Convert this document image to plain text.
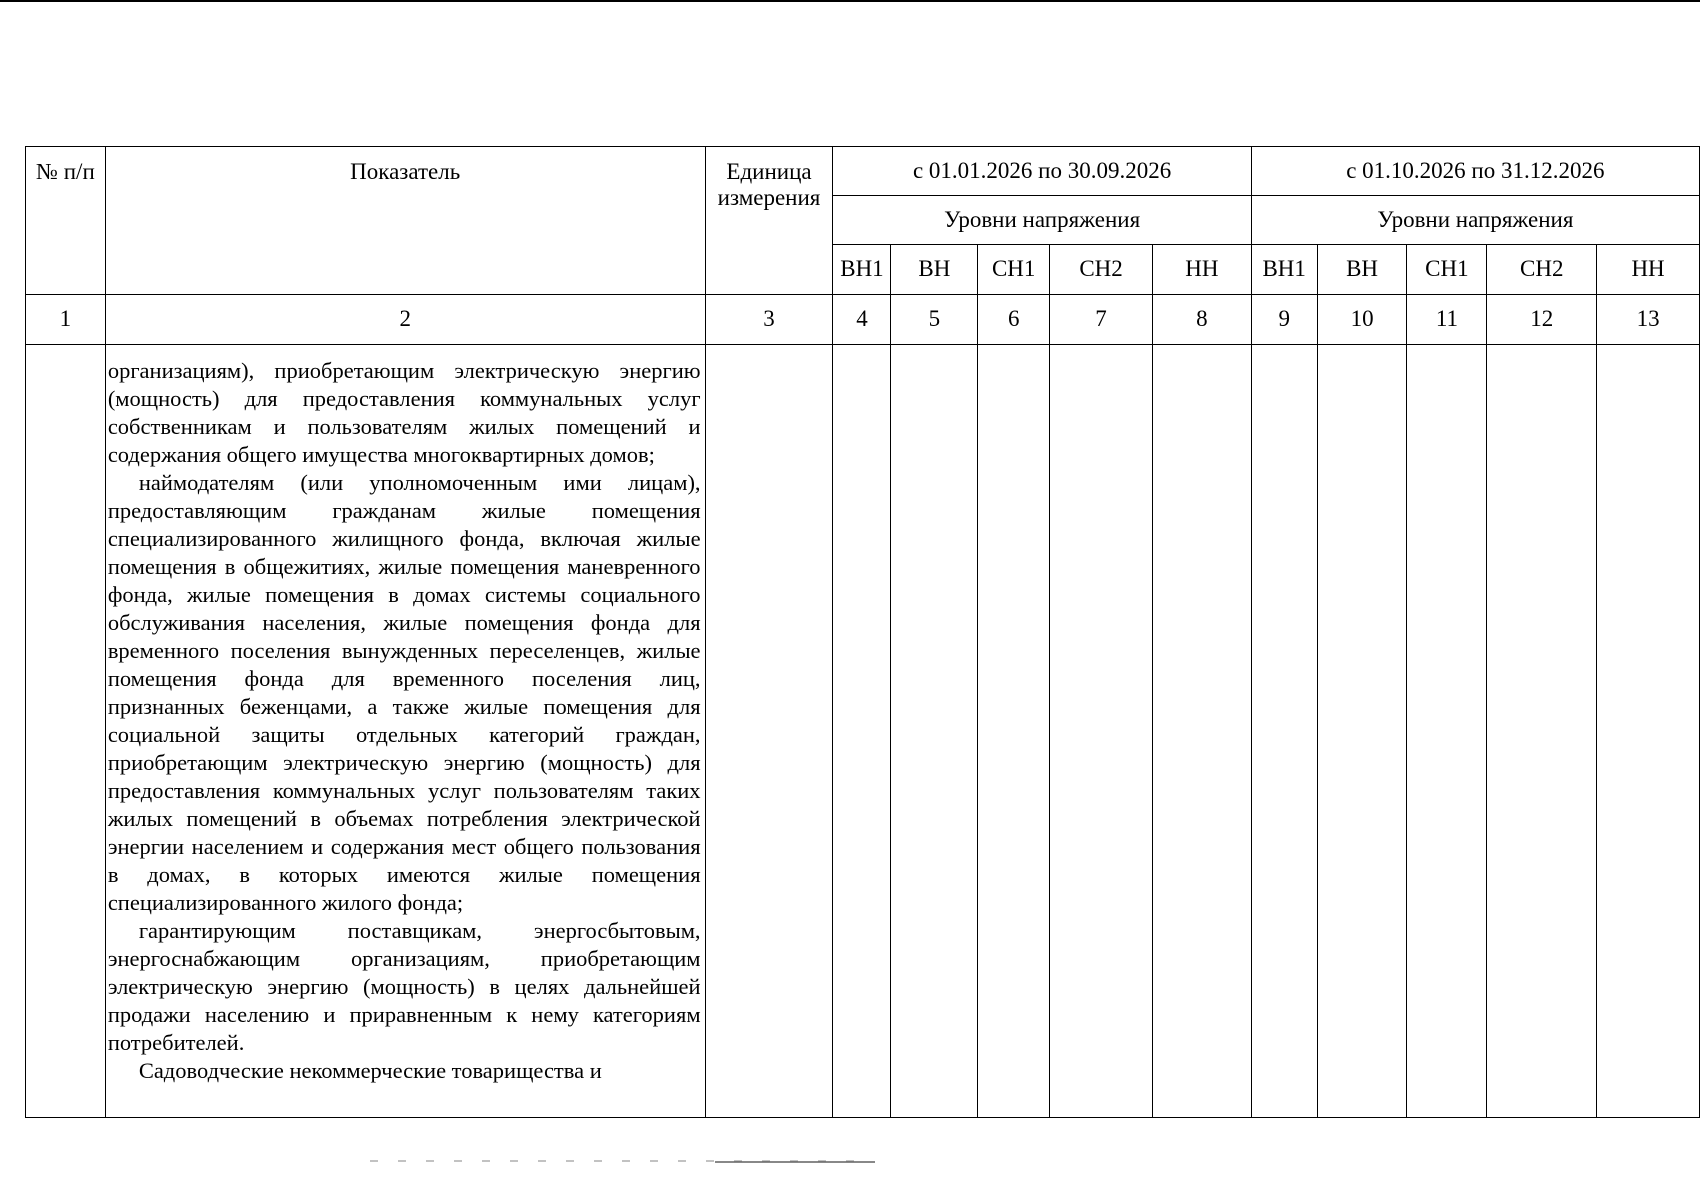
№ п/п	Показатель	Единица измерения	с 01.01.2026 по 30.09.2026					с 01.10.2026 по 31.12.2026				
			Уровни напряжения					Уровни напряжения				
			ВН1	ВН	СН1	СН2	НН	ВН1	ВН	СН1	СН2	НН
1	2	3	4	5	6	7	8	9	10	11	12	13

	организациям), приобретающим электрическую энергию (мощность) для предоставления коммунальных услуг собственникам и пользователям жилых помещений и содержания общего имущества многоквартирных домов;

наймодателям (или уполномоченным ими лицам), предоставляющим гражданам жилые помещения специализированного жилищного фонда, включая жилые помещения в общежитиях, жилые помещения маневренного фонда, жилые помещения в домах системы социального обслуживания населения, жилые помещения фонда для временного поселения вынужденных переселенцев, жилые помещения фонда для временного поселения лиц, признанных беженцами, а также жилые помещения для социальной защиты отдельных категорий граждан, приобретающим электрическую энергию (мощность) для предоставления коммунальных услуг пользователям таких жилых помещений в объемах потребления электрической энергии населением и содержания мест общего пользования в домах, в которых имеются жилые помещения специализированного жилого фонда;

гарантирующим поставщикам, энергосбытовым, энергоснабжающим организациям, приобретающим электрическую энергию (мощность) в целях дальнейшей продажи населению и приравненным к нему категориям потребителей.

Садоводческие некоммерческие товарищества и											
